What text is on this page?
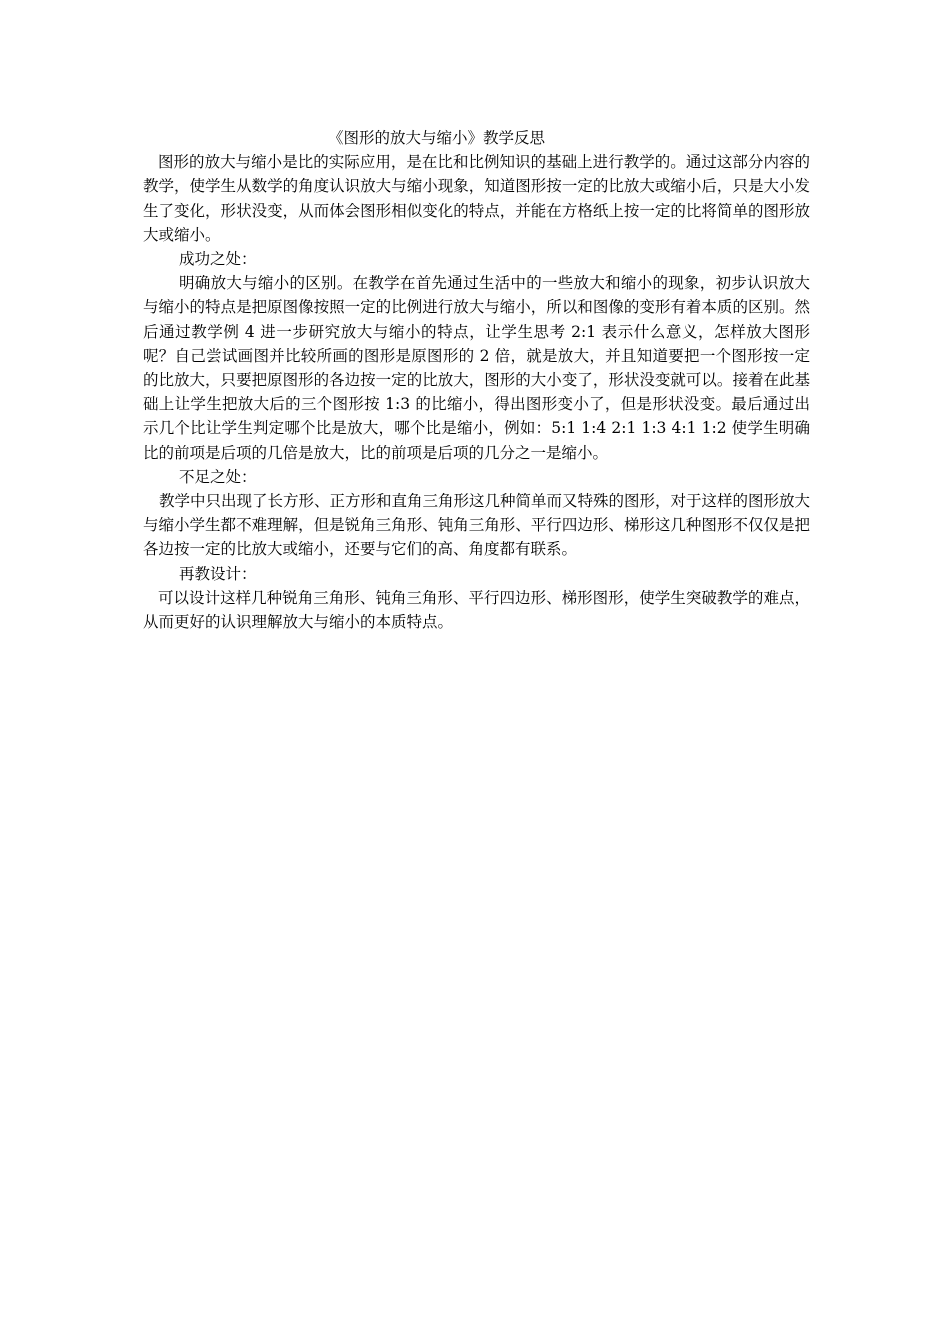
《图形的放大与缩小》教学反思

图形的放大与缩小是比的实际应用，是在比和比例知识的基础上进行教学的。通过这部分内容的教学，使学生从数学的角度认识放大与缩小现象，知道图形按一定的比放大或缩小后，只是大小发生了变化，形状没变，从而体会图形相似变化的特点，并能在方格纸上按一定的比将简单的图形放大或缩小。

成功之处：

明确放大与缩小的区别。在教学在首先通过生活中的一些放大和缩小的现象，初步认识放大与缩小的特点是把原图像按照一定的比例进行放大与缩小，所以和图像的变形有着本质的区别。然后通过教学例 4 进一步研究放大与缩小的特点，让学生思考 2:1 表示什么意义，怎样放大图形呢？自己尝试画图并比较所画的图形是原图形的 2 倍，就是放大，并且知道要把一个图形按一定的比放大，只要把原图形的各边按一定的比放大，图形的大小变了，形状没变就可以。接着在此基础上让学生把放大后的三个图形按 1:3 的比缩小，得出图形变小了，但是形状没变。最后通过出示几个比让学生判定哪个比是放大，哪个比是缩小，例如：5:1 1:4 2:1 1:3 4:1 1:2 使学生明确比的前项是后项的几倍是放大，比的前项是后项的几分之一是缩小。

不足之处：

教学中只出现了长方形、正方形和直角三角形这几种简单而又特殊的图形，对于这样的图形放大与缩小学生都不难理解，但是锐角三角形、钝角三角形、平行四边形、梯形这几种图形不仅仅是把各边按一定的比放大或缩小，还要与它们的高、角度都有联系。

再教设计：

可以设计这样几种锐角三角形、钝角三角形、平行四边形、梯形图形，使学生突破教学的难点，从而更好的认识理解放大与缩小的本质特点。
